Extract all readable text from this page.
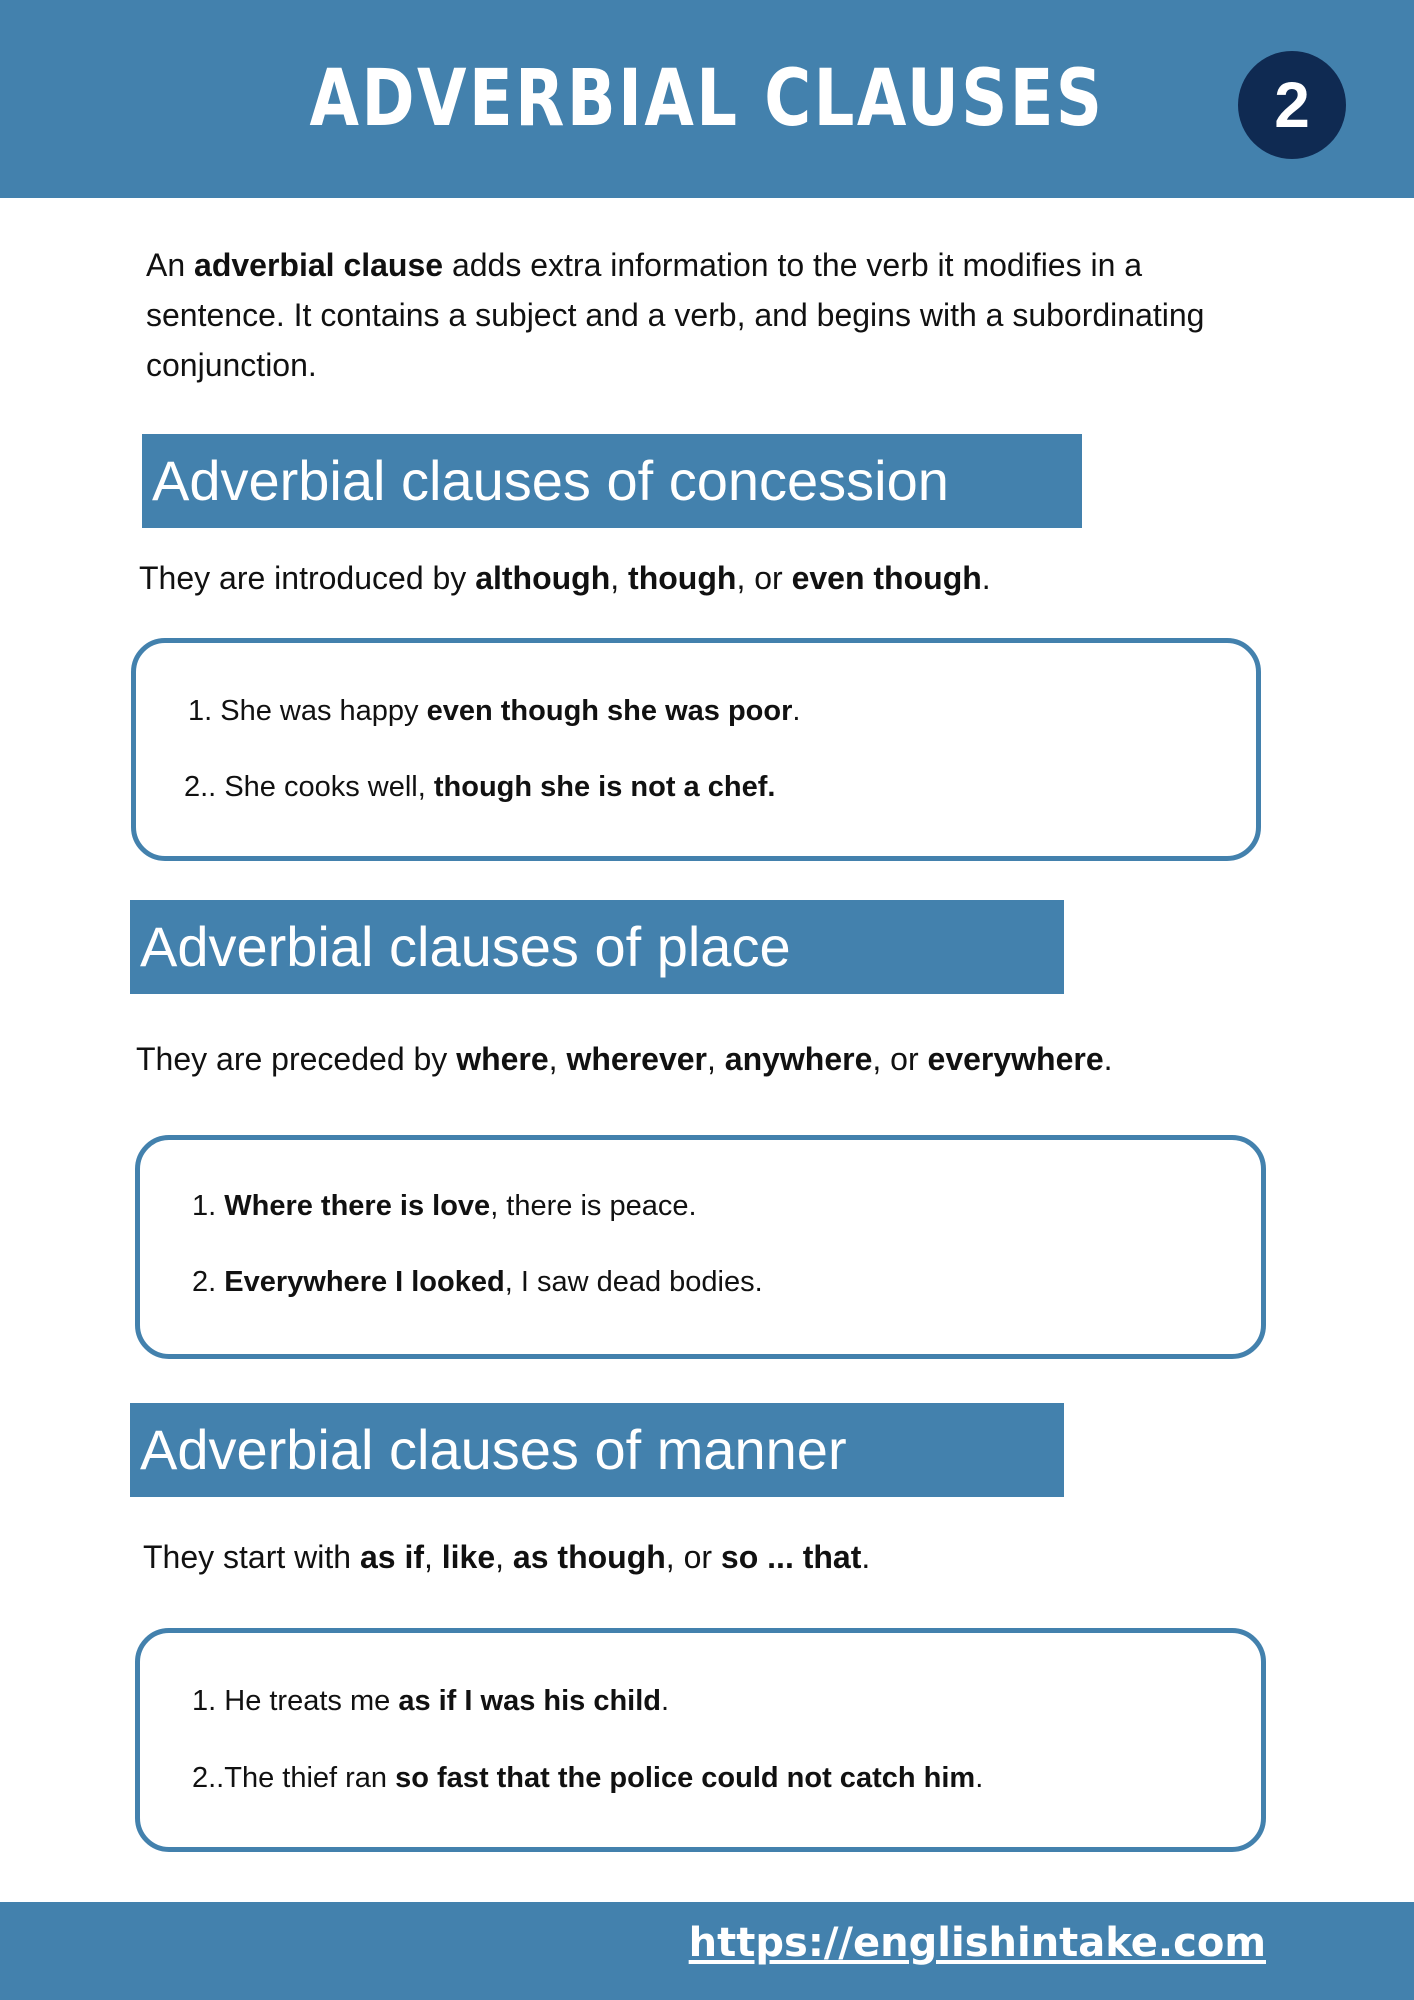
ADVERBIAL CLAUSES	2

An adverbial clause adds extra information to the verb it modifies in a sentence. It contains a subject and a verb, and begins with a subordinating conjunction.

Adverbial clauses of concession

They are introduced by although, though, or even though.

1. She was happy even though she was poor.
2.. She cooks well, though she is not a chef.
Adverbial clauses of place

They are preceded by where, wherever, anywhere, or everywhere.

1. Where there is love, there is peace.
2. Everywhere I looked, I saw dead bodies.
Adverbial clauses of manner

They start with as if, like, as though, or so ... that.

1. He treats me as if I was his child.
2..The thief ran so fast that the police could not catch him.
https://englishintake.com
